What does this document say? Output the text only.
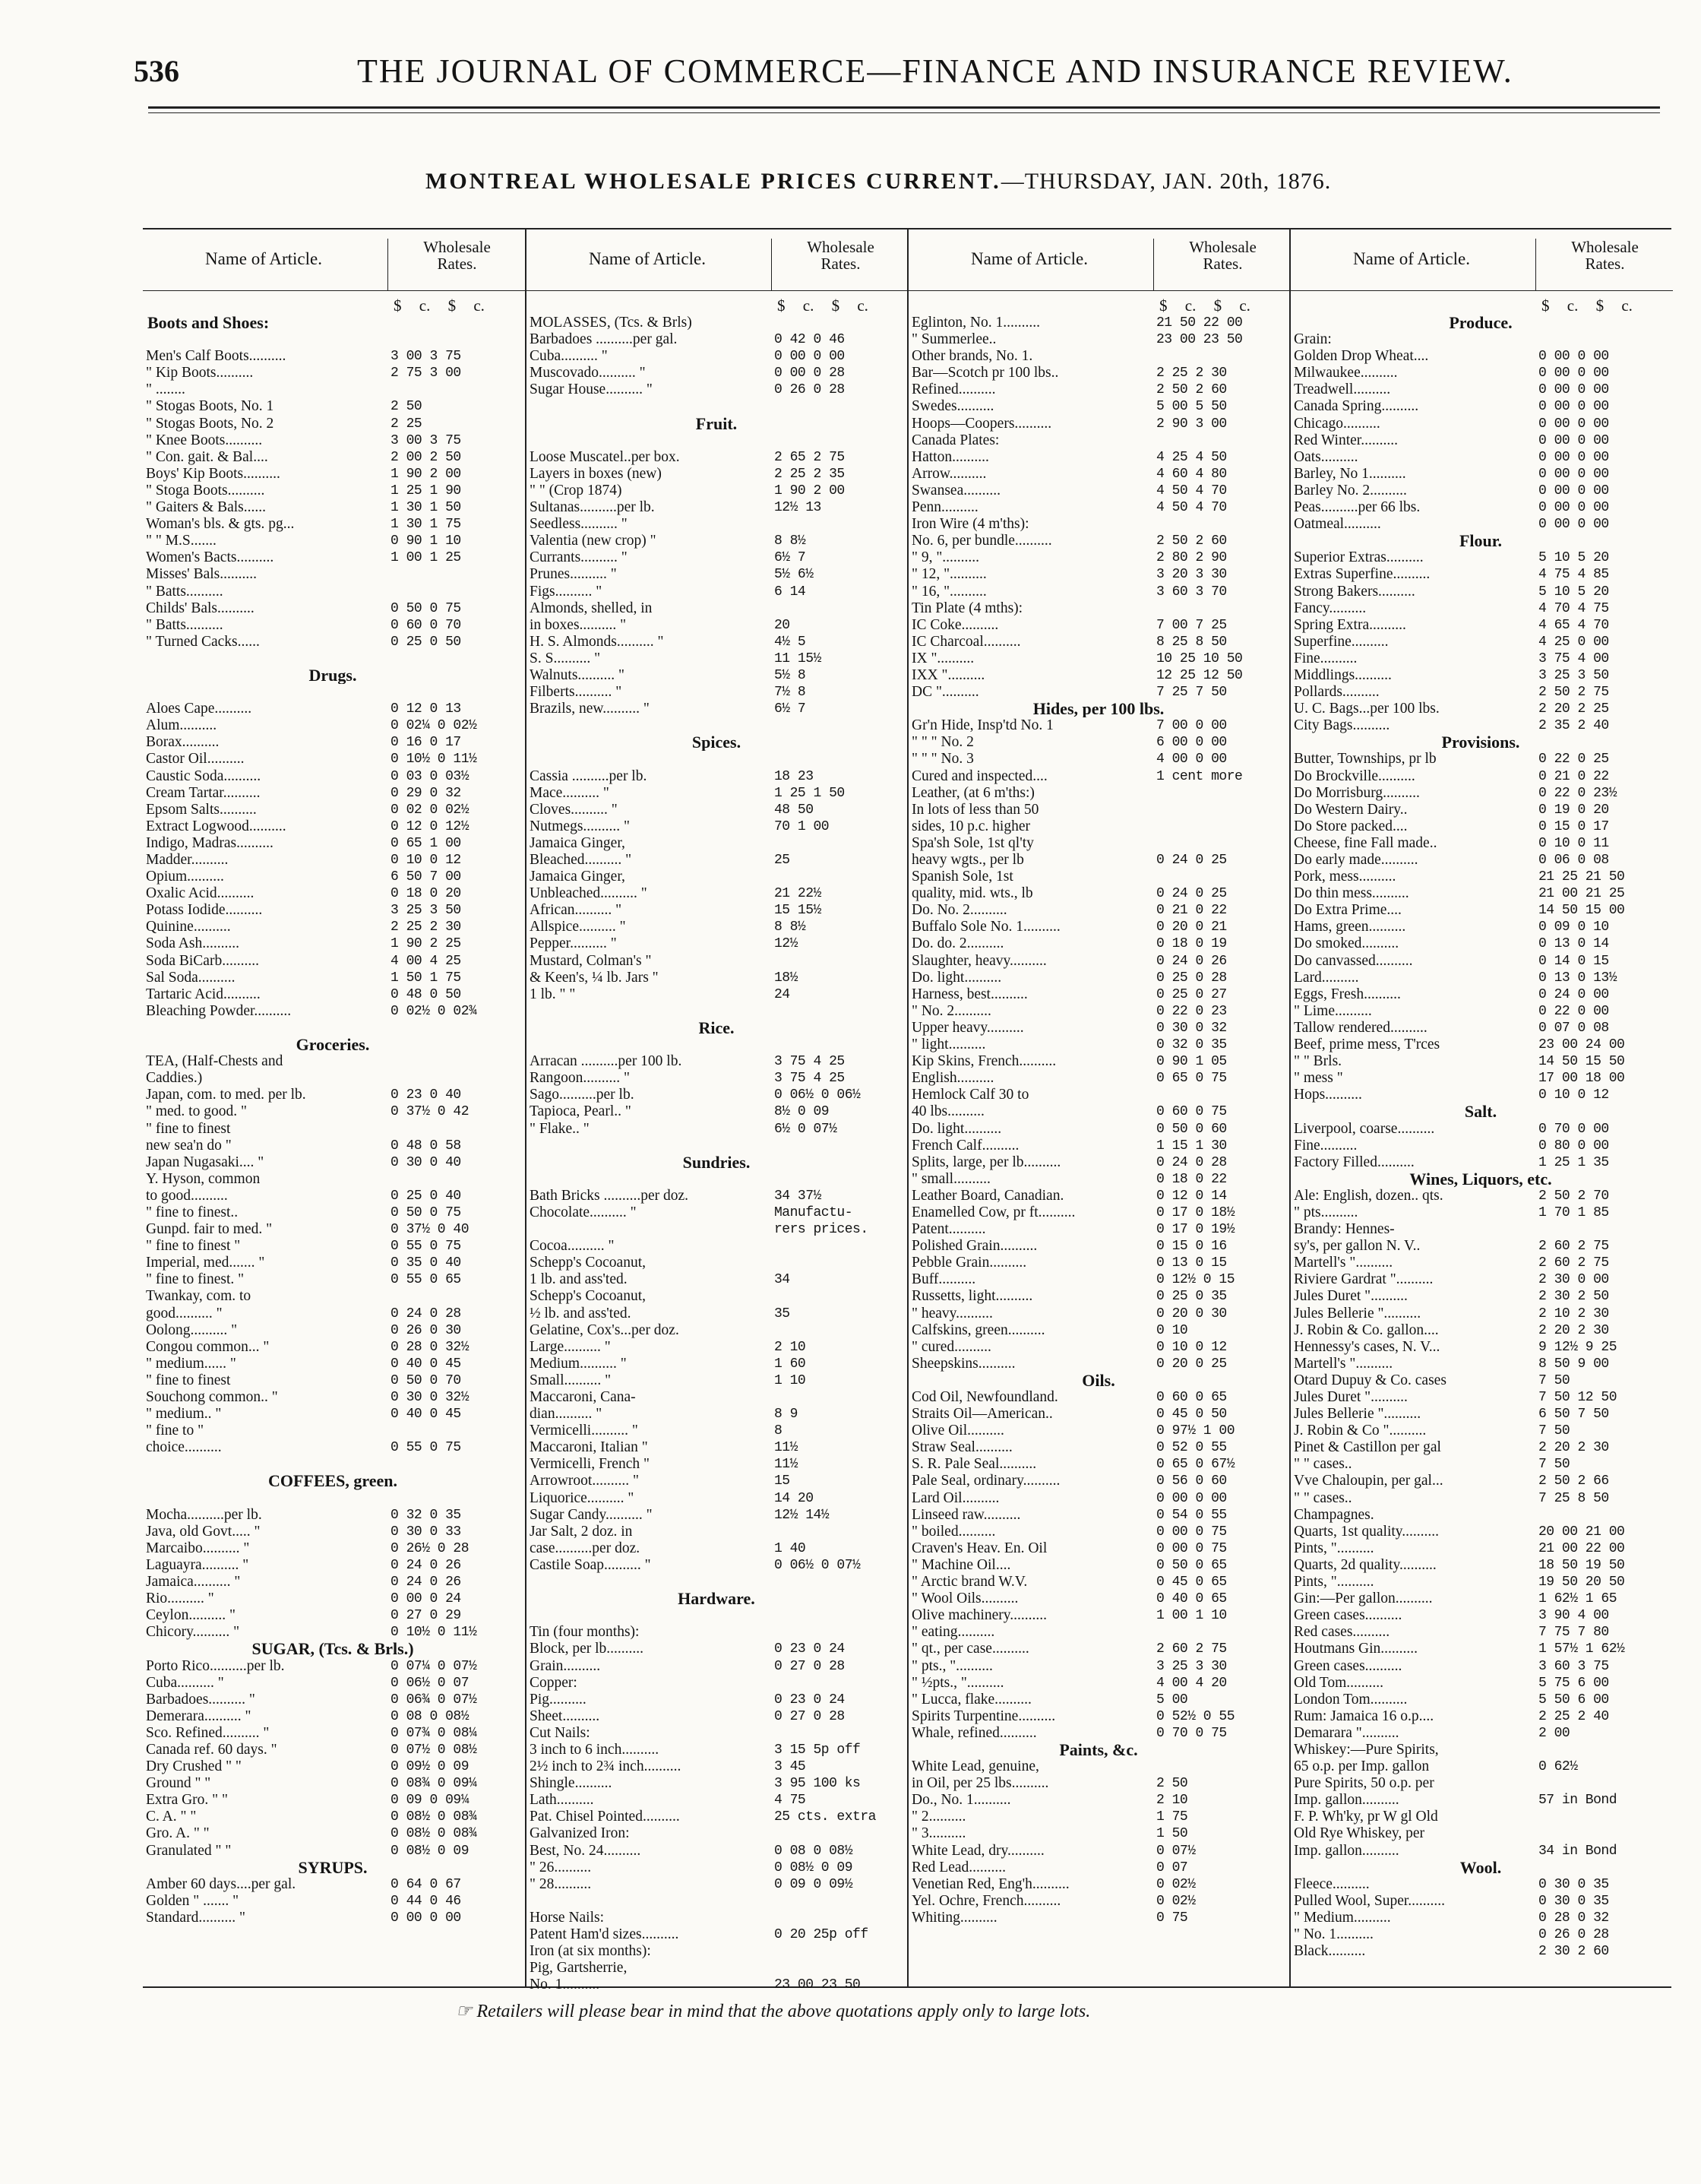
536	THE JOURNAL OF COMMERCE—FINANCE AND INSURANCE REVIEW.
MONTREAL WHOLESALE PRICES CURRENT.—THURSDAY, JAN. 20th, 1876.
Name of Article.
Wholesale
Rates.
$ c. $ c.
Boots and Shoes:
Men's Calf Boots..........	3 00 3 75
" Kip Boots..........	2 75 3 00
" ........
" Stogas Boots, No. 1	2 50
" Stogas Boots, No. 2	2 25
" Knee Boots..........	3 00 3 75
" Con. gait. & Bal....	2 00 2 50
Boys' Kip Boots..........	1 90 2 00
" Stoga Boots..........	1 25 1 90
" Gaiters & Bals......	1 30 1 50
Woman's bls. & gts. pg...	1 30 1 75
" " M.S.......	0 90 1 10
Women's Bacts..........	1 00 1 25
Misses' Bals..........
" Batts..........
Childs' Bals..........	0 50 0 75
" Batts..........	0 60 0 70
" Turned Cacks......	0 25 0 50
Drugs.
Aloes Cape..........	0 12 0 13
Alum..........	0 02¼ 0 02½
Borax..........	0 16 0 17
Castor Oil..........	0 10½ 0 11½
Caustic Soda..........	0 03 0 03½
Cream Tartar..........	0 29 0 32
Epsom Salts..........	0 02 0 02½
Extract Logwood..........	0 12 0 12½
Indigo, Madras..........	0 65 1 00
Madder..........	0 10 0 12
Opium..........	6 50 7 00
Oxalic Acid..........	0 18 0 20
Potass Iodide..........	3 25 3 50
Quinine..........	2 25 2 30
Soda Ash..........	1 90 2 25
Soda BiCarb..........	4 00 4 25
Sal Soda..........	1 50 1 75
Tartaric Acid..........	0 48 0 50
Bleaching Powder..........	0 02½ 0 02¾
Groceries.
TEA, (Half-Chests and
Caddies.)
Japan, com. to med. per lb.	0 23 0 40
" med. to good. "	0 37½ 0 42
" fine to finest
new sea'n do "	0 48 0 58
Japan Nugasaki.... "	0 30 0 40
Y. Hyson, common
to good..........	0 25 0 40
" fine to finest..	0 50 0 75
Gunpd. fair to med. "	0 37½ 0 40
" fine to finest "	0 55 0 75
Imperial, med....... "	0 35 0 40
" fine to finest. "	0 55 0 65
Twankay, com. to
good.......... "	0 24 0 28
Oolong.......... "	0 26 0 30
Congou common... "	0 28 0 32½
" medium...... "	0 40 0 45
" fine to finest	0 50 0 70
Souchong common.. "	0 30 0 32½
" medium.. "	0 40 0 45
" fine to "
choice..........	0 55 0 75
COFFEES, green.
Mocha..........per lb.	0 32 0 35
Java, old Govt..... "	0 30 0 33
Marcaibo.......... "	0 26½ 0 28
Laguayra.......... "	0 24 0 26
Jamaica.......... "	0 24 0 26
Rio.......... "	0 00 0 24
Ceylon.......... "	0 27 0 29
Chicory.......... "	0 10½ 0 11½
SUGAR, (Tcs. & Brls.)
Porto Rico..........per lb.	0 07¼ 0 07½
Cuba.......... "	0 06½ 0 07
Barbadoes.......... "	0 06¾ 0 07½
Demerara.......... "	0 08 0 08½
Sco. Refined.......... "	0 07¾ 0 08¼
Canada ref. 60 days. "	0 07½ 0 08½
Dry Crushed " "	0 09½ 0 09
Ground " "	0 08¾ 0 09¼
Extra Gro. " "	0 09 0 09¼
C. A. " "	0 08½ 0 08¾
Gro. A. " "	0 08½ 0 08¾
Granulated " "	0 08½ 0 09
SYRUPS.
Amber 60 days....per gal.	0 64 0 67
Golden " ....... "	0 44 0 46
Standard.......... "	0 00 0 00
Name of Article.
Wholesale
Rates.
$ c. $ c.
MOLASSES, (Tcs. & Brls)
Barbadoes ..........per gal.	0 42 0 46
Cuba.......... "	0 00 0 00
Muscovado.......... "	0 00 0 28
Sugar House.......... "	0 26 0 28
Fruit.
Loose Muscatel..per box.	2 65 2 75
Layers in boxes (new)	2 25 2 35
" " (Crop 1874)	1 90 2 00
Sultanas..........per lb.	12½ 13
Seedless.......... "
Valentia (new crop) "	8 8½
Currants.......... "	6½ 7
Prunes.......... "	5½ 6½
Figs.......... "	6 14
Almonds, shelled, in
in boxes.......... "	20
H. S. Almonds.......... "	4½ 5
S. S.......... "	11 15½
Walnuts.......... "	5½ 8
Filberts.......... "	7½ 8
Brazils, new.......... "	6½ 7
Spices.
Cassia ..........per lb.	18 23
Mace.......... "	1 25 1 50
Cloves.......... "	48 50
Nutmegs.......... "	70 1 00
Jamaica Ginger,
Bleached.......... "	25
Jamaica Ginger,
Unbleached.......... "	21 22½
African.......... "	15 15½
Allspice.......... "	8 8½
Pepper.......... "	12½
Mustard, Colman's "
& Keen's, ¼ lb. Jars "	18½
1 lb. " "	24
Rice.
Arracan ..........per 100 lb.	3 75 4 25
Rangoon.......... "	3 75 4 25
Sago..........per lb.	0 06½ 0 06½
Tapioca, Pearl.. "	8½ 0 09
" Flake.. "	6½ 0 07½
Sundries.
Bath Bricks ..........per doz.	34 37½
Chocolate.......... "	Manufactu-
rers prices.
Cocoa.......... "
Schepp's Cocoanut,
1 lb. and ass'ted.	34
Schepp's Cocoanut,
½ lb. and ass'ted.	35
Gelatine, Cox's...per doz.
Large.......... "	2 10
Medium.......... "	1 60
Small.......... "	1 10
Maccaroni, Cana-
dian.......... "	8 9
Vermicelli.......... "	8
Maccaroni, Italian "	11½
Vermicelli, French "	11½
Arrowroot.......... "	15
Liquorice.......... "	14 20
Sugar Candy.......... "	12½ 14½
Jar Salt, 2 doz. in
case..........per doz.	1 40
Castile Soap.......... "	0 06½ 0 07½
Hardware.
Tin (four months):
Block, per lb..........	0 23 0 24
Grain..........	0 27 0 28
Copper:
Pig..........	0 23 0 24
Sheet..........	0 27 0 28
Cut Nails:
3 inch to 6 inch..........	3 15 5p off
2½ inch to 2¾ inch..........	3 45
Shingle..........	3 95 100 ks
Lath..........	4 75
Pat. Chisel Pointed..........	25 cts. extra
Galvanized Iron:
Best, No. 24..........	0 08 0 08½
" 26..........	0 08½ 0 09
" 28..........	0 09 0 09½
Horse Nails:
Patent Ham'd sizes..........	0 20 25p off
Iron (at six months):
Pig, Gartsherrie,
No. 1..........	23 00 23 50
Name of Article.
Wholesale
Rates.
$ c. $ c.
Eglinton, No. 1..........	21 50 22 00
" Summerlee..	23 00 23 50
Other brands, No. 1.
Bar—Scotch pr 100 lbs..	2 25 2 30
Refined..........	2 50 2 60
Swedes..........	5 00 5 50
Hoops—Coopers..........	2 90 3 00
Canada Plates:
Hatton..........	4 25 4 50
Arrow..........	4 60 4 80
Swansea..........	4 50 4 70
Penn..........	4 50 4 70
Iron Wire (4 m'ths):
No. 6, per bundle..........	2 50 2 60
" 9, "..........	2 80 2 90
" 12, "..........	3 20 3 30
" 16, "..........	3 60 3 70
Tin Plate (4 mths):
IC Coke..........	7 00 7 25
IC Charcoal..........	8 25 8 50
IX "..........	10 25 10 50
IXX "..........	12 25 12 50
DC "..........	7 25 7 50
Hides, per 100 lbs.
Gr'n Hide, Insp'td No. 1	7 00 0 00
" " " No. 2	6 00 0 00
" " " No. 3	4 00 0 00
Cured and inspected....	1 cent more
Leather, (at 6 m'ths:)
In lots of less than 50
sides, 10 p.c. higher
Spa'sh Sole, 1st ql'ty
heavy wgts., per lb	0 24 0 25
Spanish Sole, 1st
quality, mid. wts., lb	0 24 0 25
Do. No. 2..........	0 21 0 22
Buffalo Sole No. 1..........	0 20 0 21
Do. do. 2..........	0 18 0 19
Slaughter, heavy..........	0 24 0 26
Do. light..........	0 25 0 28
Harness, best..........	0 25 0 27
" No. 2..........	0 22 0 23
Upper heavy..........	0 30 0 32
" light..........	0 32 0 35
Kip Skins, French..........	0 90 1 05
English..........	0 65 0 75
Hemlock Calf 30 to
40 lbs..........	0 60 0 75
Do. light..........	0 50 0 60
French Calf..........	1 15 1 30
Splits, large, per lb..........	0 24 0 28
" small..........	0 18 0 22
Leather Board, Canadian.	0 12 0 14
Enamelled Cow, pr ft..........	0 17 0 18½
Patent..........	0 17 0 19½
Polished Grain..........	0 15 0 16
Pebble Grain..........	0 13 0 15
Buff..........	0 12½ 0 15
Russetts, light..........	0 25 0 35
" heavy..........	0 20 0 30
Calfskins, green..........	0 10
" cured..........	0 10 0 12
Sheepskins..........	0 20 0 25
Oils.
Cod Oil, Newfoundland.	0 60 0 65
Straits Oil—American..	0 45 0 50
Olive Oil..........	0 97½ 1 00
Straw Seal..........	0 52 0 55
S. R. Pale Seal..........	0 65 0 67½
Pale Seal, ordinary..........	0 56 0 60
Lard Oil..........	0 00 0 00
Linseed raw..........	0 54 0 55
" boiled..........	0 00 0 75
Craven's Heav. En. Oil	0 00 0 75
" Machine Oil....	0 50 0 65
" Arctic brand W.V.	0 45 0 65
" Wool Oils..........	0 40 0 65
Olive machinery..........	1 00 1 10
" eating..........
" qt., per case..........	2 60 2 75
" pts., "..........	3 25 3 30
" ½pts., "..........	4 00 4 20
" Lucca, flake..........	5 00
Spirits Turpentine..........	0 52½ 0 55
Whale, refined..........	0 70 0 75
Paints, &c.
White Lead, genuine,
in Oil, per 25 lbs..........	2 50
Do., No. 1..........	2 10
" 2..........	1 75
" 3..........	1 50
White Lead, dry..........	0 07½
Red Lead..........	0 07
Venetian Red, Eng'h..........	0 02½
Yel. Ochre, French..........	0 02½
Whiting..........	0 75
Name of Article.
Wholesale
Rates.
$ c. $ c.
Produce.
Grain:
Golden Drop Wheat....	0 00 0 00
Milwaukee..........	0 00 0 00
Treadwell..........	0 00 0 00
Canada Spring..........	0 00 0 00
Chicago..........	0 00 0 00
Red Winter..........	0 00 0 00
Oats..........	0 00 0 00
Barley, No 1..........	0 00 0 00
Barley No. 2..........	0 00 0 00
Peas..........per 66 lbs.	0 00 0 00
Oatmeal..........	0 00 0 00
Flour.
Superior Extras..........	5 10 5 20
Extras Superfine..........	4 75 4 85
Strong Bakers..........	5 10 5 20
Fancy..........	4 70 4 75
Spring Extra..........	4 65 4 70
Superfine..........	4 25 0 00
Fine..........	3 75 4 00
Middlings..........	3 25 3 50
Pollards..........	2 50 2 75
U. C. Bags...per 100 lbs.	2 20 2 25
City Bags..........	2 35 2 40
Provisions.
Butter, Townships, pr lb	0 22 0 25
Do Brockville..........	0 21 0 22
Do Morrisburg..........	0 22 0 23½
Do Western Dairy..	0 19 0 20
Do Store packed....	0 15 0 17
Cheese, fine Fall made..	0 10 0 11
Do early made..........	0 06 0 08
Pork, mess..........	21 25 21 50
Do thin mess..........	21 00 21 25
Do Extra Prime....	14 50 15 00
Hams, green..........	0 09 0 10
Do smoked..........	0 13 0 14
Do canvassed..........	0 14 0 15
Lard..........	0 13 0 13½
Eggs, Fresh..........	0 24 0 00
" Lime..........	0 22 0 00
Tallow rendered..........	0 07 0 08
Beef, prime mess, T'rces	23 00 24 00
" " Brls.	14 50 15 50
" mess "	17 00 18 00
Hops..........	0 10 0 12
Salt.
Liverpool, coarse..........	0 70 0 00
Fine..........	0 80 0 00
Factory Filled..........	1 25 1 35
Wines, Liquors, etc.
Ale: English, dozen.. qts.	2 50 2 70
" pts..........	1 70 1 85
Brandy: Hennes-
sy's, per gallon N. V..	2 60 2 75
Martell's "..........	2 60 2 75
Riviere Gardrat "..........	2 30 0 00
Jules Duret "..........	2 30 2 50
Jules Bellerie "..........	2 10 2 30
J. Robin & Co. gallon....	2 20 2 30
Hennessy's cases, N. V...	9 12½ 9 25
Martell's "..........	8 50 9 00
Otard Dupuy & Co. cases	7 50
Jules Duret "..........	7 50 12 50
Jules Bellerie "..........	6 50 7 50
J. Robin & Co "..........	7 50
Pinet & Castillon per gal	2 20 2 30
" " cases..	7 50
Vve Chaloupin, per gal...	2 50 2 66
" " cases..	7 25 8 50
Champagnes.
Quarts, 1st quality..........	20 00 21 00
Pints, "..........	21 00 22 00
Quarts, 2d quality..........	18 50 19 50
Pints, "..........	19 50 20 50
Gin:—Per gallon..........	1 62½ 1 65
Green cases..........	3 90 4 00
Red cases..........	7 75 7 80
Houtmans Gin..........	1 57½ 1 62½
Green cases..........	3 60 3 75
Old Tom..........	5 75 6 00
London Tom..........	5 50 6 00
Rum: Jamaica 16 o.p....	2 25 2 40
Demarara "..........	2 00
Whiskey:—Pure Spirits,
65 o.p. per Imp. gallon	0 62½
Pure Spirits, 50 o.p. per
Imp. gallon..........	57 in Bond
F. P. Wh'ky, pr W gl Old
Old Rye Whiskey, per
Imp. gallon..........	34 in Bond
Wool.
Fleece..........	0 30 0 35
Pulled Wool, Super..........	0 30 0 35
" Medium..........	0 28 0 32
" No. 1..........	0 26 0 28
Black..........	2 30 2 60
☞ Retailers will please bear in mind that the above quotations apply only to large lots.
